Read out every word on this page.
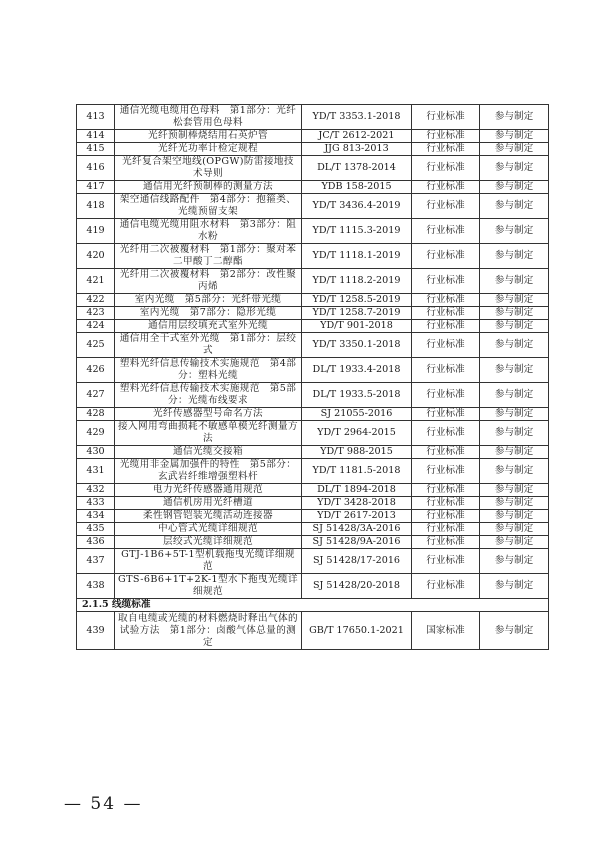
413	通信光缆电缆用色母料　第1部分：光纤松套管用色母料	YD/T 3353.1-2018	行业标准	参与制定
414	光纤预制棒烧结用石英炉管	JC/T 2612-2021	行业标准	参与制定
415	光纤光功率计检定规程	JJG 813-2013	行业标准	参与制定
416	光纤复合架空地线(OPGW)防雷接地技术导则	DL/T 1378-2014	行业标准	参与制定
417	通信用光纤预制棒的测量方法	YDB 158-2015	行业标准	参与制定
418	架空通信线路配件　第4部分：抱箍类、光缆预留支架	YD/T 3436.4-2019	行业标准	参与制定
419	通信电缆光缆用阻水材料　第3部分：阻水粉	YD/T 1115.3-2019	行业标准	参与制定
420	光纤用二次被覆材料　第1部分：聚对苯二甲酸丁二醇酯	YD/T 1118.1-2019	行业标准	参与制定
421	光纤用二次被覆材料　第2部分：改性聚丙烯	YD/T 1118.2-2019	行业标准	参与制定
422	室内光缆　第5部分：光纤带光缆	YD/T 1258.5-2019	行业标准	参与制定
423	室内光缆　第7部分：隐形光缆	YD/T 1258.7-2019	行业标准	参与制定
424	通信用层绞填充式室外光缆	YD/T 901-2018	行业标准	参与制定
425	通信用全干式室外光缆　第1部分：层绞式	YD/T 3350.1-2018	行业标准	参与制定
426	塑料光纤信息传输技术实施规范　第4部分：塑料光缆	DL/T 1933.4-2018	行业标准	参与制定
427	塑料光纤信息传输技术实施规范　第5部分：光缆布线要求	DL/T 1933.5-2018	行业标准	参与制定
428	光纤传感器型号命名方法	SJ 21055-2016	行业标准	参与制定
429	接入网用弯曲损耗不敏感单模光纤测量方法	YD/T 2964-2015	行业标准	参与制定
430	通信光缆交接箱	YD/T 988-2015	行业标准	参与制定
431	光缆用非金属加强件的特性　第5部分：玄武岩纤维增强塑料杆	YD/T 1181.5-2018	行业标准	参与制定
432	电力光纤传感器通用规范	DL/T 1894-2018	行业标准	参与制定
433	通信机房用光纤槽道	YD/T 3428-2018	行业标准	参与制定
434	柔性钢管铠装光缆活动连接器	YD/T 2617-2013	行业标准	参与制定
435	中心管式光缆详细规范	SJ 51428/3A-2016	行业标准	参与制定
436	层绞式光缆详细规范	SJ 51428/9A-2016	行业标准	参与制定
437	GTJ-1B6+5T-1型机载拖曳光缆详细规范	SJ 51428/17-2016	行业标准	参与制定
438	GTS-6B6+1T+2K-1型水下拖曳光缆详细规范	SJ 51428/20-2018	行业标准	参与制定
2.1.5 线缆标准				
439	取自电缆或光缆的材料燃烧时释出气体的试验方法　第1部分：卤酸气体总量的测定	GB/T 17650.1-2021	国家标准	参与制定
— 54 —
